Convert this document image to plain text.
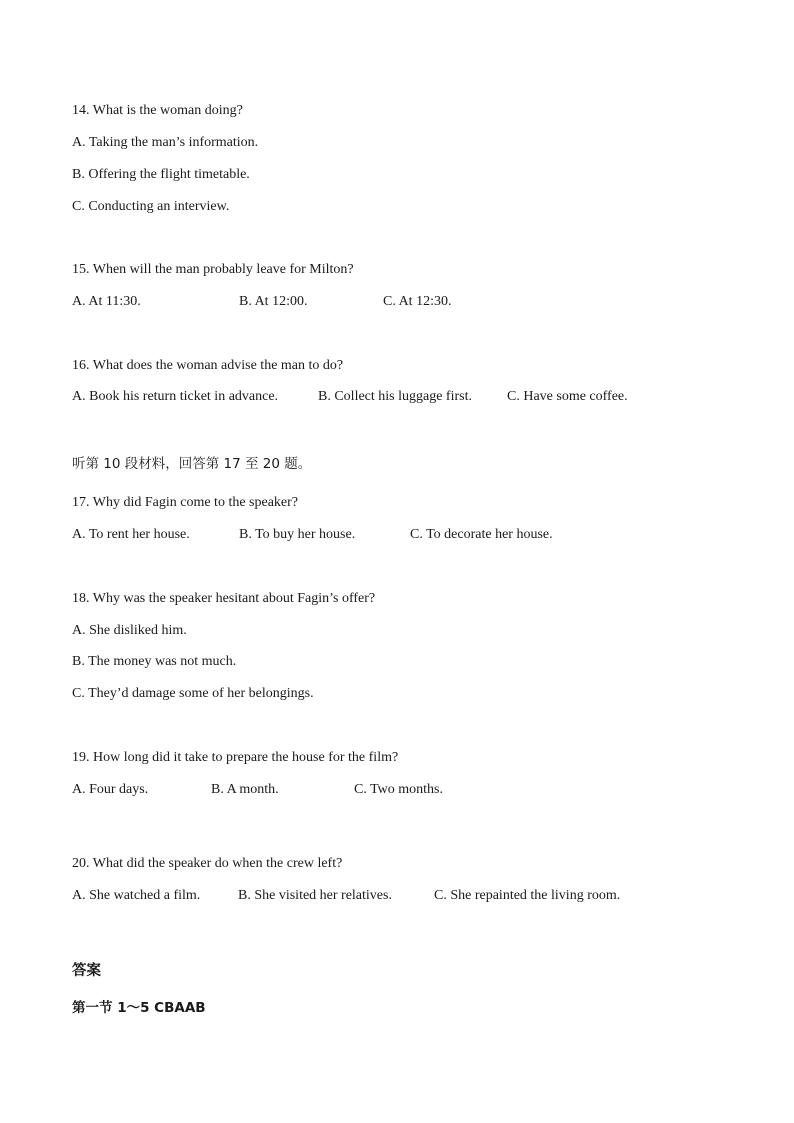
14. What is the woman doing?
A. Taking the man’s information.
B. Offering the flight timetable.
C. Conducting an interview.
15. When will the man probably leave for Milton?
A. At 11:30.	B. At 12:00.	C. At 12:30.
16. What does the woman advise the man to do?
A. Book his return ticket in advance.	B. Collect his luggage first.	C. Have some coffee.
听第 10 段材料，回答第 17 至 20 题。
17. Why did Fagin come to the speaker?
A. To rent her house.	B. To buy her house.	C. To decorate her house.
18. Why was the speaker hesitant about Fagin’s offer?
A. She disliked him.
B. The money was not much.
C. They’d damage some of her belongings.
19. How long did it take to prepare the house for the film?
A. Four days.	B. A month.	C. Two months.
20. What did the speaker do when the crew left?
A. She watched a film.	B. She visited her relatives.	C. She repainted the living room.
答案
第一节 1～5 CBAAB
